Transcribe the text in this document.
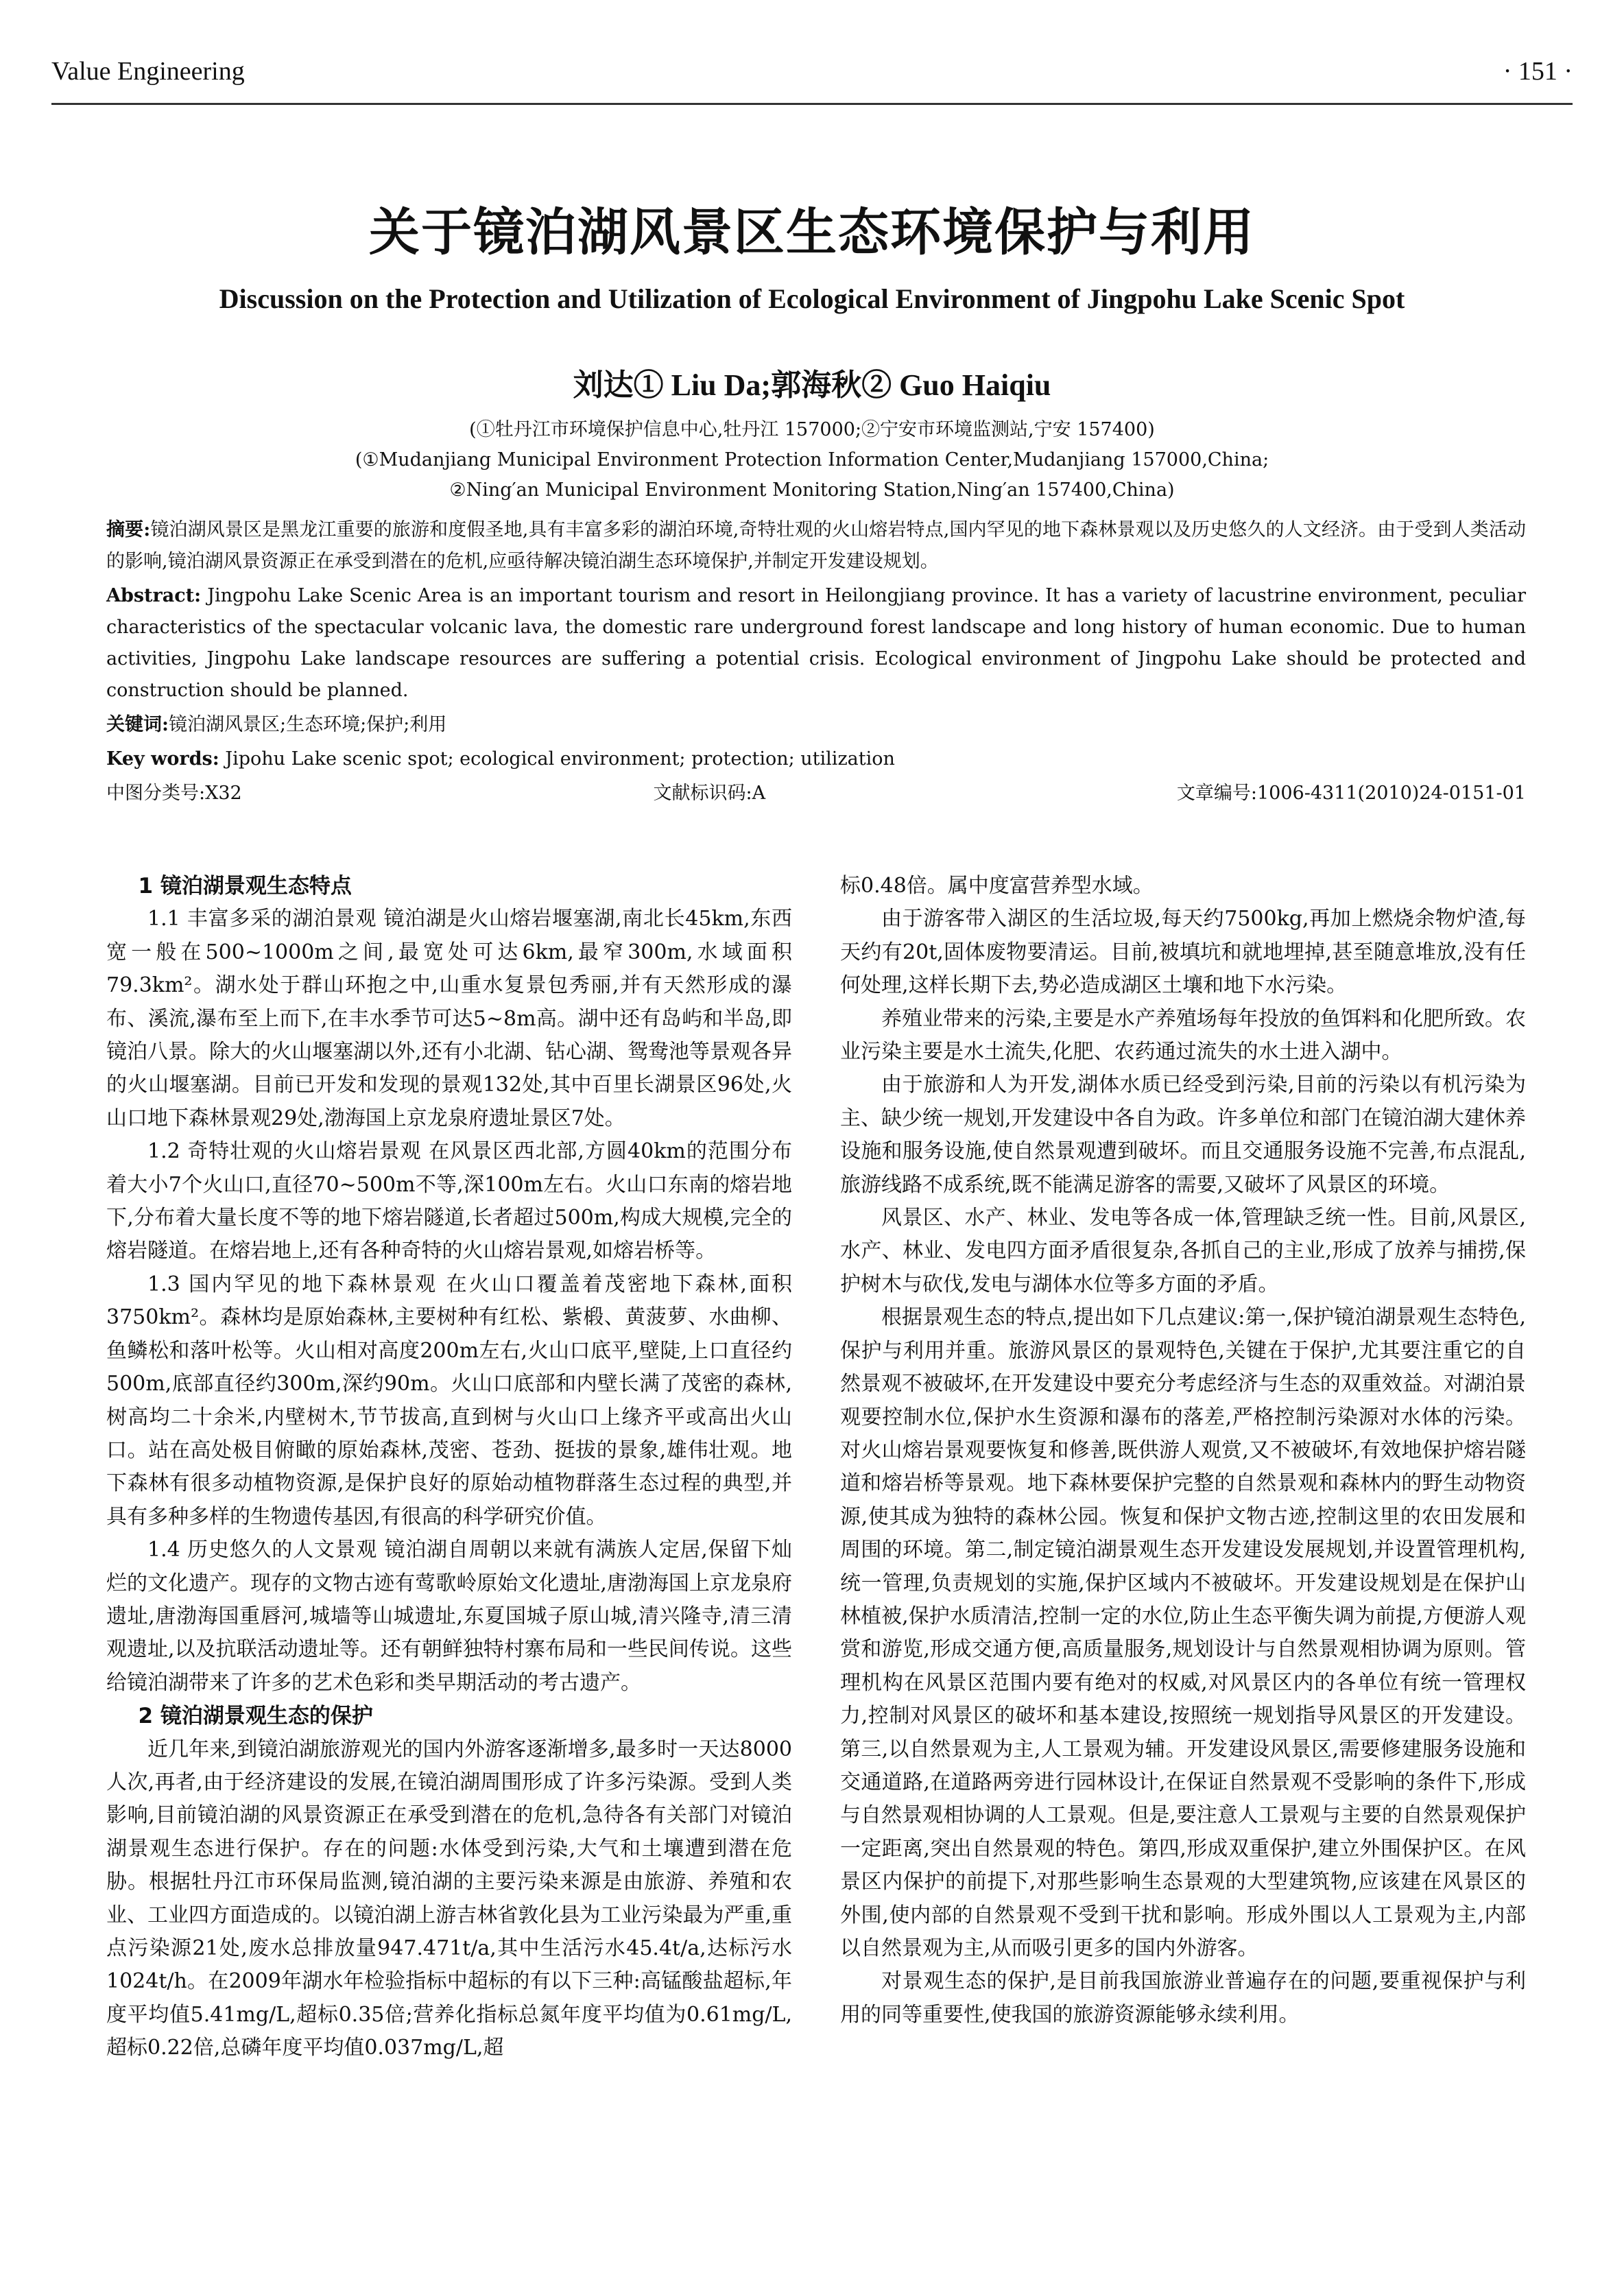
Value Engineering	· 151 ·
关于镜泊湖风景区生态环境保护与利用
Discussion on the Protection and Utilization of Ecological Environment of Jingpohu Lake Scenic Spot
刘达① Liu Da;郭海秋② Guo Haiqiu
(①牡丹江市环境保护信息中心,牡丹江 157000;②宁安市环境监测站,宁安 157400)
(①Mudanjiang Municipal Environment Protection Information Center,Mudanjiang 157000,China;
②Ning′an Municipal Environment Monitoring Station,Ning′an 157400,China)

摘要:镜泊湖风景区是黑龙江重要的旅游和度假圣地,具有丰富多彩的湖泊环境,奇特壮观的火山熔岩特点,国内罕见的地下森林景观以及历史悠久的人文经济。由于受到人类活动的影响,镜泊湖风景资源正在承受到潜在的危机,应亟待解决镜泊湖生态环境保护,并制定开发建设规划。

Abstract: Jingpohu Lake Scenic Area is an important tourism and resort in Heilongjiang province. It has a variety of lacustrine environment, peculiar characteristics of the spectacular volcanic lava, the domestic rare underground forest landscape and long history of human economic. Due to human activities, Jingpohu Lake landscape resources are suffering a potential crisis. Ecological environment of Jingpohu Lake should be protected and construction should be planned.

关键词:镜泊湖风景区;生态环境;保护;利用

Key words: Jipohu Lake scenic spot; ecological environment; protection; utilization

中图分类号:X32	文献标识码:A	文章编号:1006-4311(2010)24-0151-01
1 镜泊湖景观生态特点

1.1 丰富多采的湖泊景观 镜泊湖是火山熔岩堰塞湖,南北长45km,东西宽一般在500~1000m之间,最宽处可达6km,最窄300m,水域面积79.3km²。湖水处于群山环抱之中,山重水复景包秀丽,并有天然形成的瀑布、溪流,瀑布至上而下,在丰水季节可达5~8m高。湖中还有岛屿和半岛,即镜泊八景。除大的火山堰塞湖以外,还有小北湖、钻心湖、鸳鸯池等景观各异的火山堰塞湖。目前已开发和发现的景观132处,其中百里长湖景区96处,火山口地下森林景观29处,渤海国上京龙泉府遗址景区7处。

1.2 奇特壮观的火山熔岩景观 在风景区西北部,方圆40km的范围分布着大小7个火山口,直径70~500m不等,深100m左右。火山口东南的熔岩地下,分布着大量长度不等的地下熔岩隧道,长者超过500m,构成大规模,完全的熔岩隧道。在熔岩地上,还有各种奇特的火山熔岩景观,如熔岩桥等。

1.3 国内罕见的地下森林景观 在火山口覆盖着茂密地下森林,面积3750km²。森林均是原始森林,主要树种有红松、紫椴、黄菠萝、水曲柳、鱼鳞松和落叶松等。火山相对高度200m左右,火山口底平,壁陡,上口直径约500m,底部直径约300m,深约90m。火山口底部和内壁长满了茂密的森林,树高均二十余米,内壁树木,节节拔高,直到树与火山口上缘齐平或高出火山口。站在高处极目俯瞰的原始森林,茂密、苍劲、挺拔的景象,雄伟壮观。地下森林有很多动植物资源,是保护良好的原始动植物群落生态过程的典型,并具有多种多样的生物遗传基因,有很高的科学研究价值。

1.4 历史悠久的人文景观 镜泊湖自周朝以来就有满族人定居,保留下灿烂的文化遗产。现存的文物古迹有莺歌岭原始文化遗址,唐渤海国上京龙泉府遗址,唐渤海国重唇河,城墙等山城遗址,东夏国城子原山城,清兴隆寺,清三清观遗址,以及抗联活动遗址等。还有朝鲜独特村寨布局和一些民间传说。这些给镜泊湖带来了许多的艺术色彩和类早期活动的考古遗产。

2 镜泊湖景观生态的保护

近几年来,到镜泊湖旅游观光的国内外游客逐渐增多,最多时一天达8000人次,再者,由于经济建设的发展,在镜泊湖周围形成了许多污染源。受到人类影响,目前镜泊湖的风景资源正在承受到潜在的危机,急待各有关部门对镜泊湖景观生态进行保护。存在的问题:水体受到污染,大气和土壤遭到潜在危胁。根据牡丹江市环保局监测,镜泊湖的主要污染来源是由旅游、养殖和农业、工业四方面造成的。以镜泊湖上游吉林省敦化县为工业污染最为严重,重点污染源21处,废水总排放量947.471t/a,其中生活污水45.4t/a,达标污水1024t/h。在2009年湖水年检验指标中超标的有以下三种:高锰酸盐超标,年度平均值5.41mg/L,超标0.35倍;营养化指标总氮年度平均值为0.61mg/L,超标0.22倍,总磷年度平均值0.037mg/L,超

标0.48倍。属中度富营养型水域。

由于游客带入湖区的生活垃圾,每天约7500kg,再加上燃烧余物炉渣,每天约有20t,固体废物要清运。目前,被填坑和就地埋掉,甚至随意堆放,没有任何处理,这样长期下去,势必造成湖区土壤和地下水污染。

养殖业带来的污染,主要是水产养殖场每年投放的鱼饵料和化肥所致。农业污染主要是水土流失,化肥、农药通过流失的水土进入湖中。

由于旅游和人为开发,湖体水质已经受到污染,目前的污染以有机污染为主、缺少统一规划,开发建设中各自为政。许多单位和部门在镜泊湖大建休养设施和服务设施,使自然景观遭到破坏。而且交通服务设施不完善,布点混乱,旅游线路不成系统,既不能满足游客的需要,又破坏了风景区的环境。

风景区、水产、林业、发电等各成一体,管理缺乏统一性。目前,风景区,水产、林业、发电四方面矛盾很复杂,各抓自己的主业,形成了放养与捕捞,保护树木与砍伐,发电与湖体水位等多方面的矛盾。

根据景观生态的特点,提出如下几点建议:第一,保护镜泊湖景观生态特色,保护与利用并重。旅游风景区的景观特色,关键在于保护,尤其要注重它的自然景观不被破坏,在开发建设中要充分考虑经济与生态的双重效益。对湖泊景观要控制水位,保护水生资源和瀑布的落差,严格控制污染源对水体的污染。对火山熔岩景观要恢复和修善,既供游人观赏,又不被破坏,有效地保护熔岩隧道和熔岩桥等景观。地下森林要保护完整的自然景观和森林内的野生动物资源,使其成为独特的森林公园。恢复和保护文物古迹,控制这里的农田发展和周围的环境。第二,制定镜泊湖景观生态开发建设发展规划,并设置管理机构,统一管理,负责规划的实施,保护区域内不被破坏。开发建设规划是在保护山林植被,保护水质清洁,控制一定的水位,防止生态平衡失调为前提,方便游人观赏和游览,形成交通方便,高质量服务,规划设计与自然景观相协调为原则。管理机构在风景区范围内要有绝对的权威,对风景区内的各单位有统一管理权力,控制对风景区的破坏和基本建设,按照统一规划指导风景区的开发建设。第三,以自然景观为主,人工景观为辅。开发建设风景区,需要修建服务设施和交通道路,在道路两旁进行园林设计,在保证自然景观不受影响的条件下,形成与自然景观相协调的人工景观。但是,要注意人工景观与主要的自然景观保护一定距离,突出自然景观的特色。第四,形成双重保护,建立外围保护区。在风景区内保护的前提下,对那些影响生态景观的大型建筑物,应该建在风景区的外围,使内部的自然景观不受到干扰和影响。形成外围以人工景观为主,内部以自然景观为主,从而吸引更多的国内外游客。

对景观生态的保护,是目前我国旅游业普遍存在的问题,要重视保护与利用的同等重要性,使我国的旅游资源能够永续利用。
